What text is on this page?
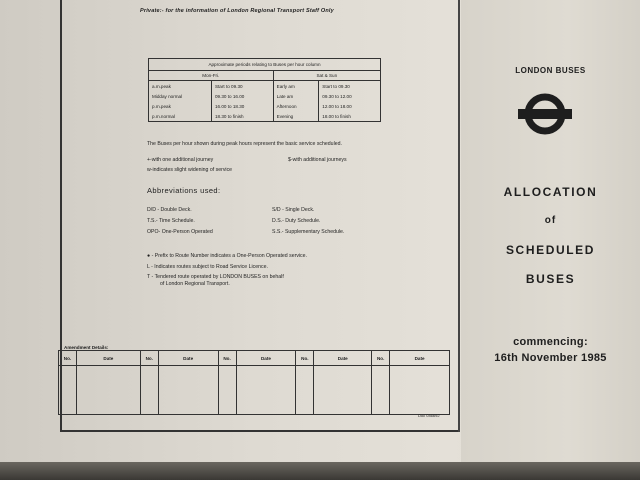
Private:- for the information of London Regional Transport Staff Only
Approximate periods relating to Buses per hour column			
Mon-Fri.		Sat & Sun	
a.m.peak	Start to 09.30	Early am	Start to 09.30
Midday normal	09.30 to 16.00	Late am	09.30 to 12.00
p.m.peak	16.00 to 18.30	Afternoon	12.00 to 18.00
p.m.normal	18.30 to finish	Evening	18.00 to finish
The Buses per hour shown during peak hours represent the basic service scheduled.
+-with one additional journey	$-with additional journeys
w-indicates slight widening of service
Abbreviations used:
D/D - Double Deck.	S/D - Single Deck.
T.S.- Time Schedule.	D.S.- Duty Schedule.
OPO- One-Person Operated	S.S.- Supplementary Schedule.
● - Prefix to Route Number indicates a One-Person Operated service.
L - Indicates routes subject to Road Service Licence.
T - Tendered route operated by LONDON BUSES on behalf
of London Regional Transport.
Amendment Details:
No.	Date	No.	Date	No.	Date	No.	Date	No.	Date

Doc 046692
LONDON BUSES
ALLOCATION
of
SCHEDULED
BUSES
commencing:
16th November 1985
